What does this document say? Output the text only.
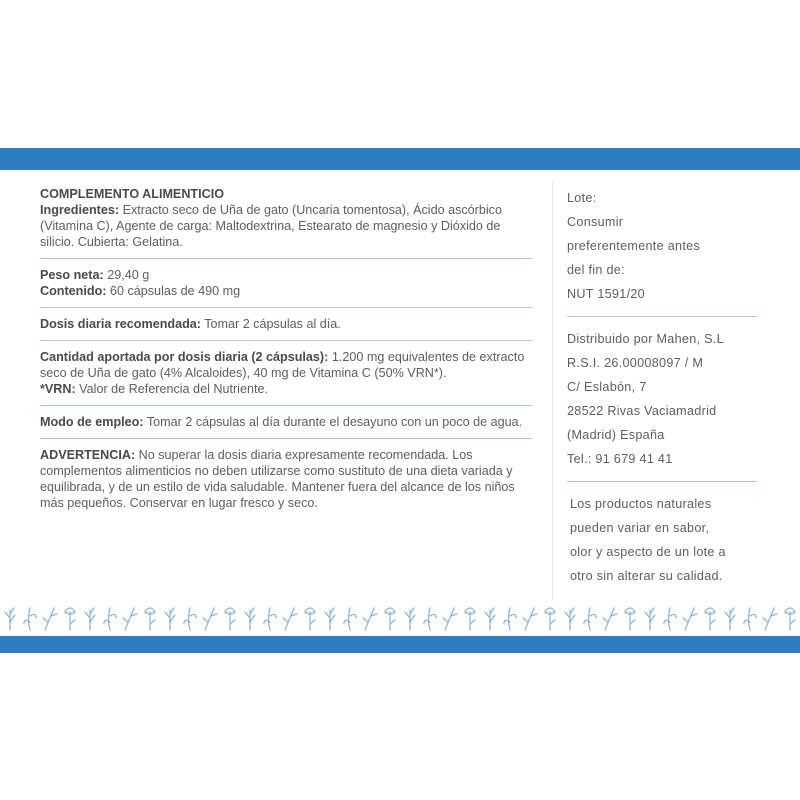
COMPLEMENTO ALIMENTICIO
Ingredientes: Extracto seco de Uña de gato (Uncaria tomentosa), Ácido ascórbico (Vitamina C), Agente de carga: Maltodextrina, Estearato de magnesio y Dióxido de silicio. Cubierta: Gelatina.
Peso neta: 29,40 g
Contenido: 60 cápsulas de 490 mg
Dosis diaria recomendada: Tomar 2 cápsulas al día.
Cantidad aportada por dosis diaria (2 cápsulas): 1.200 mg equivalentes de extracto seco de Uña de gato (4% Alcaloides), 40 mg de Vitamina C (50% VRN*).
*VRN: Valor de Referencia del Nutriente.
Modo de empleo: Tomar 2 cápsulas al día durante el desayuno con un poco de agua.
ADVERTENCIA: No superar la dosis diaria expresamente recomendada. Los complementos alimenticios no deben utilizarse como sustituto de una dieta variada y equilibrada, y de un estilo de vida saludable. Mantener fuera del alcance de los niños más pequeños. Conservar en lugar fresco y seco.
Lote:
Consumir
preferentemente antes
del fin de:
NUT 1591/20
Distribuido por Mahen, S.L
R.S.I. 26.00008097 / M
C/ Eslabón, 7
28522 Rivas Vaciamadrid
(Madrid) España
Tel.: 91 679 41 41
Los productos naturales
pueden variar en sabor,
olor y aspecto de un lote a
otro sin alterar su calidad.
